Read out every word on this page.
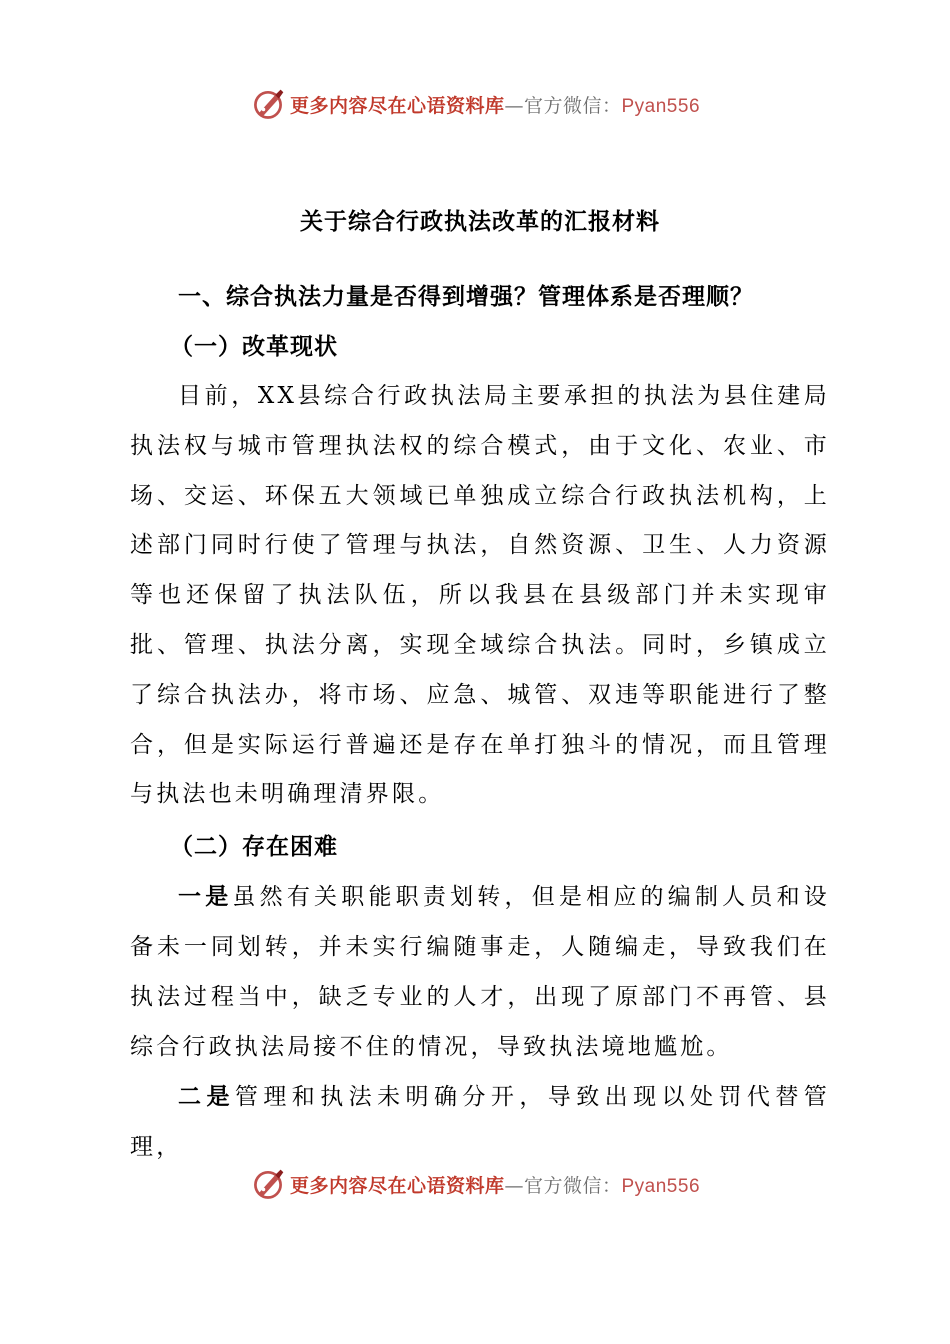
更多内容尽在心语资料库—官方微信：Pyan556

关于综合行政执法改革的汇报材料

一、综合执法力量是否得到增强？管理体系是否理顺？

（一）改革现状

目前，XX县综合行政执法局主要承担的执法为县住建局执法权与城市管理执法权的综合模式，由于文化、农业、市场、交运、环保五大领域已单独成立综合行政执法机构，上述部门同时行使了管理与执法，自然资源、卫生、人力资源等也还保留了执法队伍，所以我县在县级部门并未实现审批、管理、执法分离，实现全域综合执法。同时，乡镇成立了综合执法办，将市场、应急、城管、双违等职能进行了整合，但是实际运行普遍还是存在单打独斗的情况，而且管理与执法也未明确理清界限。

（二）存在困难

一是虽然有关职能职责划转，但是相应的编制人员和设备未一同划转，并未实行编随事走，人随编走，导致我们在执法过程当中，缺乏专业的人才，出现了原部门不再管、县综合行政执法局接不住的情况，导致执法境地尴尬。

二是管理和执法未明确分开，导致出现以处罚代替管理，

更多内容尽在心语资料库—官方微信：Pyan556
